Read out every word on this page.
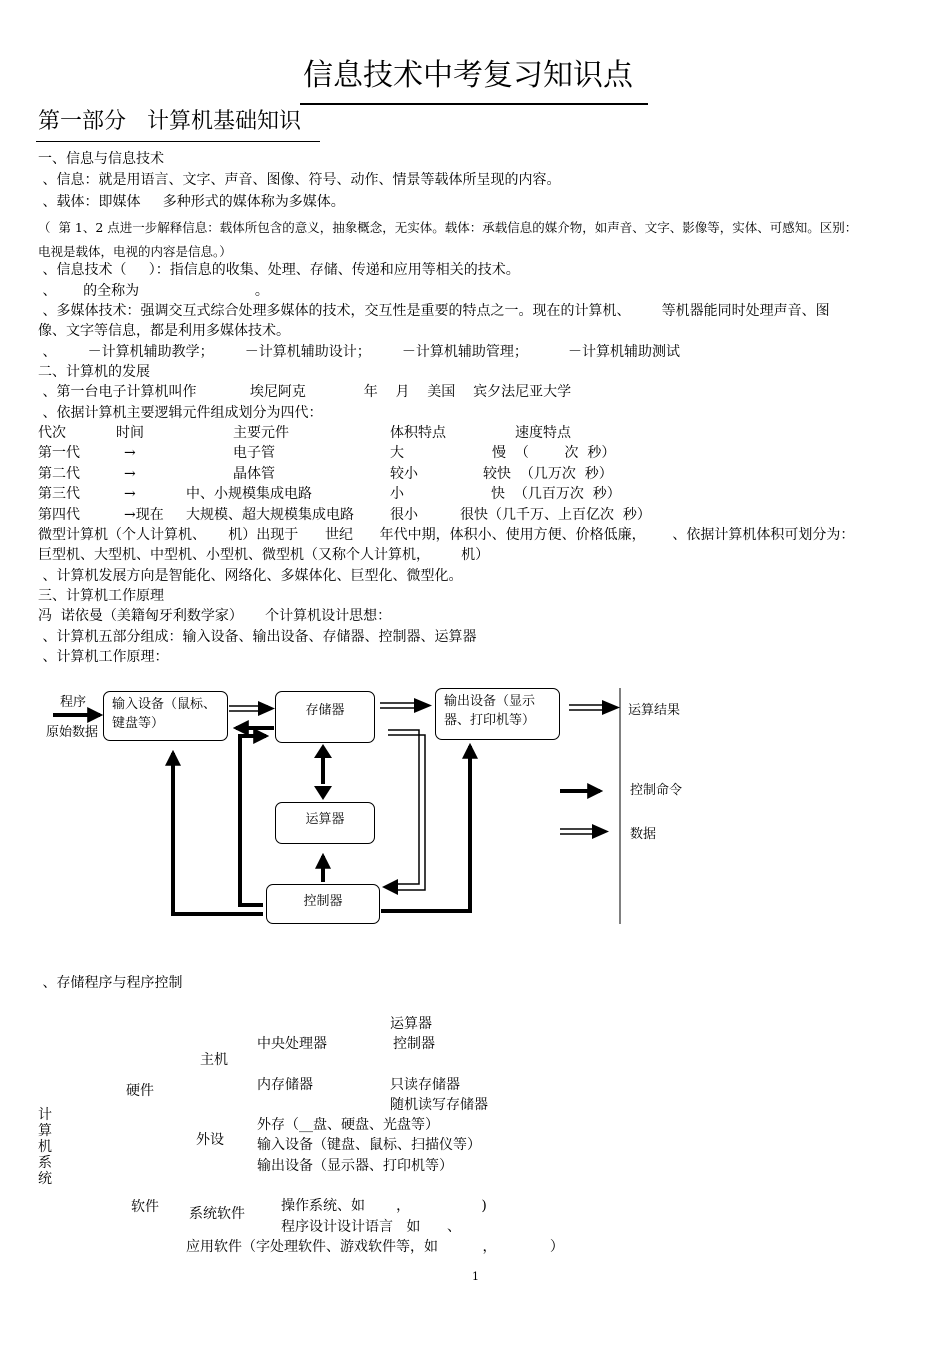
信息技术中考复习知识点
第一部分   计算机基础知识
一、信息与信息技术
、信息：就是用语言、文字、声音、图像、符号、动作、情景等载体所呈现的内容。
、载体：即媒体     多种形式的媒体称为多媒体。
（  第 1、2 点进一步解释信息：载体所包含的意义，抽象概念，无实体。载体：承载信息的媒介物，如声音、文字、影像等，实体、可感知。区别：
电视是载体，电视的内容是信息。）
、信息技术（     ）：指信息的收集、处理、存储、传递和应用等相关的技术。
、      的全称为                          。
、多媒体技术：强调交互式综合处理多媒体的技术，交互性是重要的特点之一。现在的计算机、       等机器能同时处理声音、图
像、文字等信息，都是利用多媒体技术。
、       －计算机辅助教学；       －计算机辅助设计；       －计算机辅助管理；         －计算机辅助测试
二、计算机的发展
、第一台电子计算机叫作            埃尼阿克             年    月    美国    宾夕法尼亚大学
、依据计算机主要逻辑元件组成划分为四代：
代次	时间	主要元件	体积特点	速度特点
第一代	→	电子管	大	慢  （        次  秒）
第二代	→	晶体管	较小	较快  （几万次  秒）
第三代	→	中、小规模集成电路	小	快  （几百万次  秒）
第四代	→现在 大规模、超大规模集成电路	很小	很快（几千万、上百亿次  秒）
微型计算机（个人计算机、     机）出现于      世纪      年代中期，体积小、使用方便、价格低廉，      、依据计算机体积可划分为：
巨型机、大型机、中型机、小型机、微型机（又称个人计算机，       机）
、计算机发展方向是智能化、网络化、多媒体化、巨型化、微型化。
三、计算机工作原理
冯  诺依曼（美籍匈牙利数学家）     个计算机设计思想：
、计算机五部分组成：输入设备、输出设备、存储器、控制器、运算器
、计算机工作原理：
程序
原始数据
输入设备（鼠标、
键盘等）
存储器
输出设备（显示
器、打印机等）
运算结果
运算器
控制器
控制命令
数据
、存储程序与程序控制
计
算
机
系
统
硬件
主机
中央处理器
运算器
控制器
内存储器	只读存储器
随机读写存储器
外设
外存（__盘、硬盘、光盘等）
输入设备（键盘、鼠标、扫描仪等）
输出设备（显示器、打印机等）
软件 系统软件	操作系统、如       ，                )
程序设计设计语言   如      、
应用软件（字处理软件、游戏软件等，如          ，            ）
1
